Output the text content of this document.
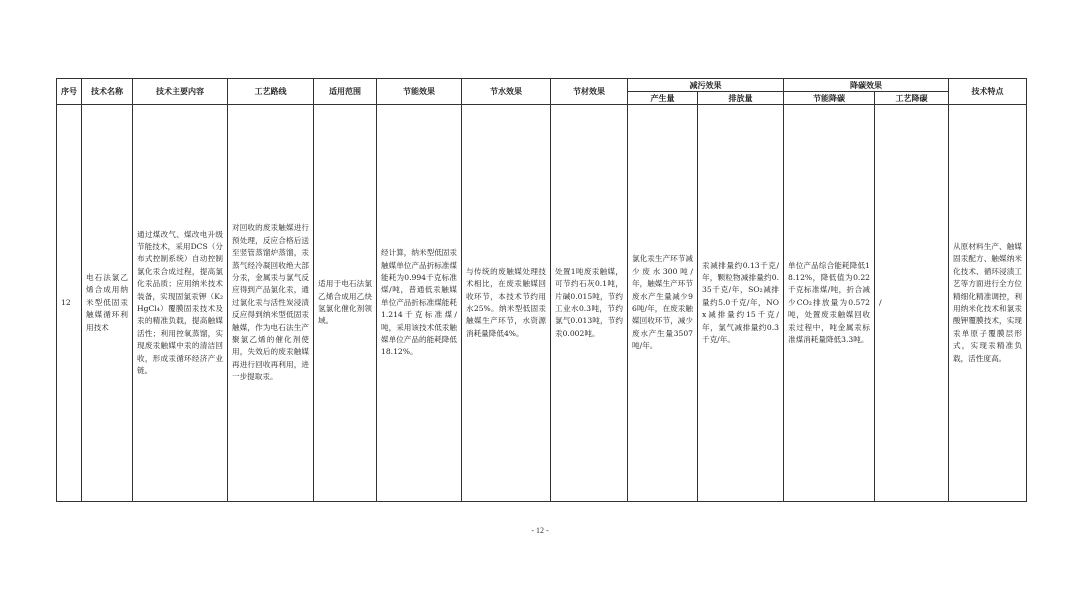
序号	技术名称	技术主要内容	工艺路线	适用范围	节能效果	节水效果	节材效果	减污效果		降碳效果		技术特点
								产生量	排放量	节能降碳	工艺降碳	

12	电石法氯乙烯合成用纳米型低固汞触媒循环利用技术	通过煤改气、煤改电升级节能技术，采用DCS（分布式控制系统）自动控制氯化汞合成过程，提高氯化汞品质；应用纳米技术装备，实现固氯汞钾（K₂HgCl₄）覆膜固汞技术及汞的精准负载，提高触媒活性；利用控氧蒸馏，实现废汞触媒中汞的清洁回收，形成汞循环经济产业链。	对回收的废汞触媒进行预处理，反应合格后送至竖管蒸馏炉蒸馏，汞蒸气经冷凝回收绝大部分汞，金属汞与氯气反应得到产品氯化汞，通过氯化汞与活性炭浸渍反应得到纳米型低固汞触媒，作为电石法生产聚氯乙烯的催化剂使用，失效后的废汞触媒再进行回收再利用，进一步提取汞。	适用于电石法氯乙烯合成用乙炔氢氯化催化剂领域。	经计算，纳米型低固汞触媒单位产品折标准煤能耗为0.994千克标准煤/吨，普通低汞触媒单位产品折标准煤能耗1.214千克标准煤/吨，采用该技术低汞触媒单位产品的能耗降低18.12%。	与传统的废触媒处理技术相比，在废汞触媒回收环节，本技术节约用水25%。纳米型低固汞触媒生产环节，水资源消耗量降低4%。	处置1吨废汞触媒，可节约石灰0.1吨，片碱0.015吨，节约工业水0.3吨，节约氯气0.013吨，节约汞0.002吨。	氯化汞生产环节减少废水300吨/年，触媒生产环节废水产生量减少96吨/年，在废汞触媒回收环节，减少废水产生量3507吨/年。	汞减排量约0.13千克/年，颗粒物减排量约0.35千克/年，SO₂减排量约5.0千克/年，NOx减排量约15千克/年，氯气减排量约0.3千克/年。	单位产品综合能耗降低18.12%，降低值为0.22千克标准煤/吨，折合减少CO₂排放量为0.572吨，处置废汞触媒回收汞过程中，吨金属汞标准煤消耗量降低3.3吨。	/	从原材料生产、触媒固汞配方、触媒纳米化技术、循环浸渍工艺等方面进行全方位精细化精准调控，利用纳米化技术和氯汞酸钾覆膜技术，实现汞单原子覆膜层形式，实现汞精准负载，活性度高。
- 12 -
